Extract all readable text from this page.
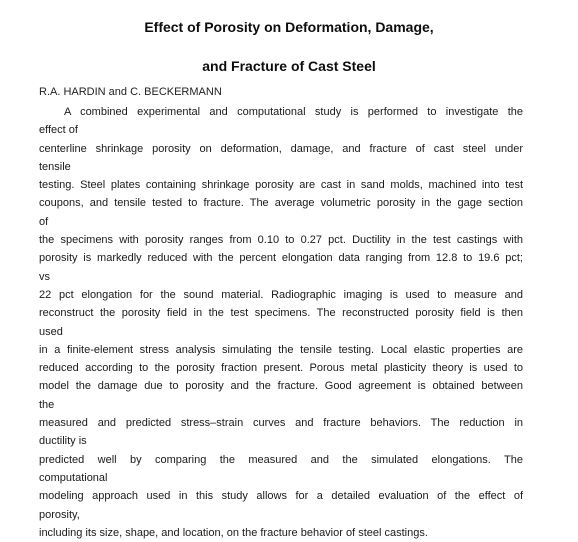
Effect of Porosity on Deformation, Damage,
and Fracture of Cast Steel
R.A. HARDIN and C. BECKERMANN
A combined experimental and computational study is performed to investigate the
effect of
centerline shrinkage porosity on deformation, damage, and fracture of cast steel under
tensile
testing. Steel plates containing shrinkage porosity are cast in sand molds, machined into test
coupons, and tensile tested to fracture. The average volumetric porosity in the gage section
of
the specimens with porosity ranges from 0.10 to 0.27 pct. Ductility in the test castings with
porosity is markedly reduced with the percent elongation data ranging from 12.8 to 19.6 pct;
vs
22 pct elongation for the sound material. Radiographic imaging is used to measure and
reconstruct the porosity field in the test specimens. The reconstructed porosity field is then
used
in a finite-element stress analysis simulating the tensile testing. Local elastic properties are
reduced according to the porosity fraction present. Porous metal plasticity theory is used to
model the damage due to porosity and the fracture. Good agreement is obtained between
the
measured and predicted stress–strain curves and fracture behaviors. The reduction in
ductility is
predicted well by comparing the measured and the simulated elongations. The
computational
modeling approach used in this study allows for a detailed evaluation of the effect of
porosity,
including its size, shape, and location, on the fracture behavior of steel castings.
